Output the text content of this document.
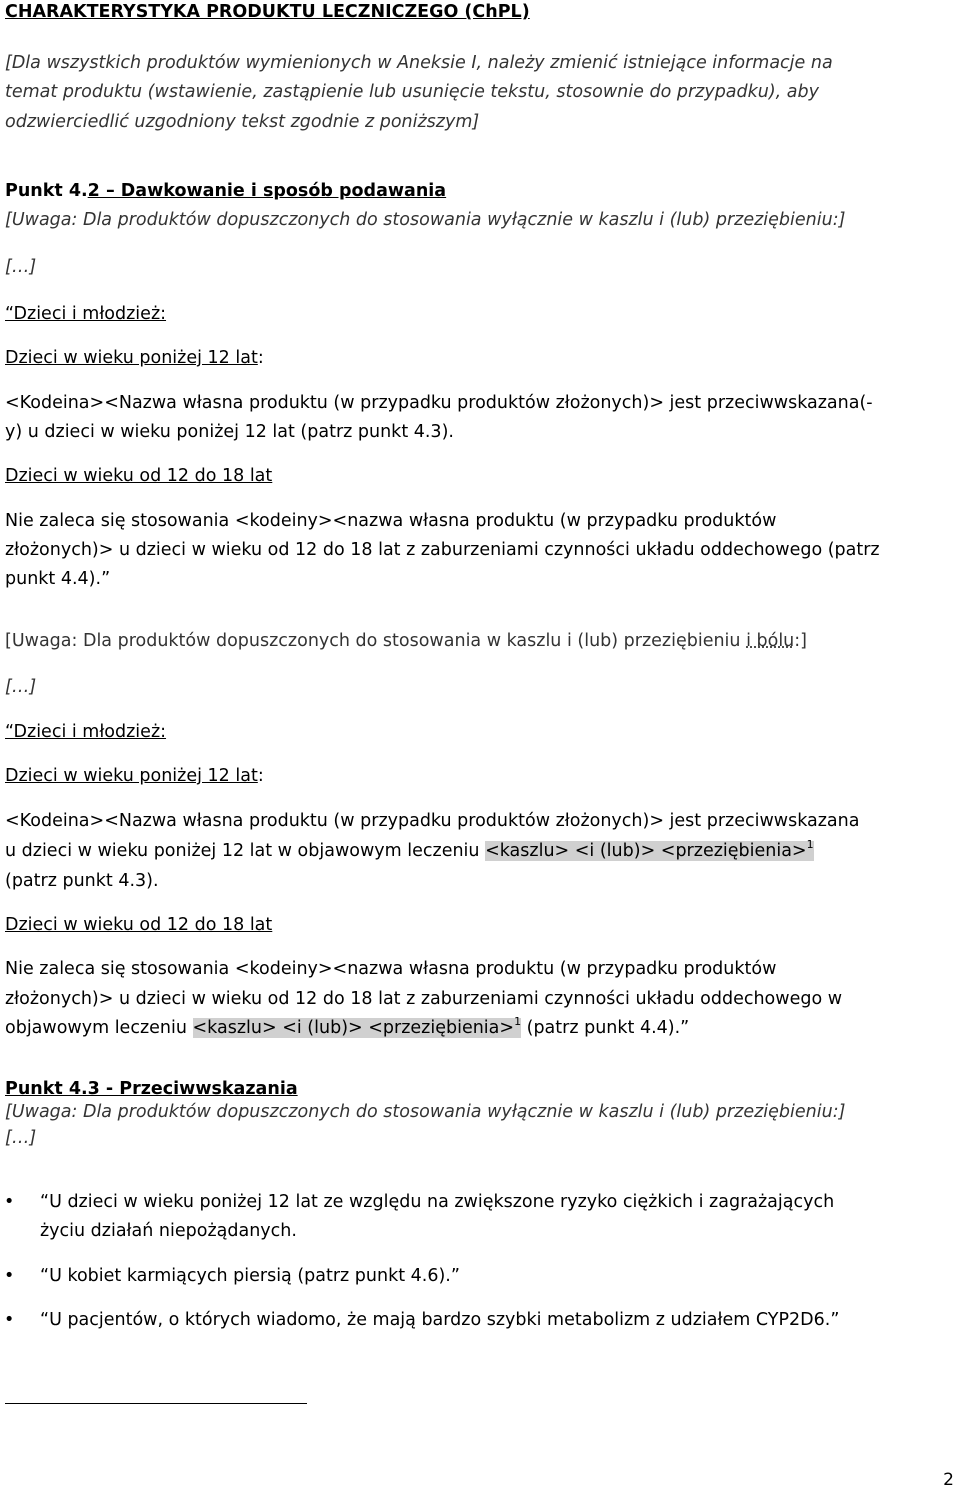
CHARAKTERYSTYKA PRODUKTU LECZNICZEGO (ChPL)

[Dla wszystkich produktów wymienionych w Aneksie I, należy zmienić istniejące informacje na

temat produktu (wstawienie, zastąpienie lub usunięcie tekstu, stosownie do przypadku), aby

odzwierciedlić uzgodniony tekst zgodnie z poniższym]

Punkt 4.2 – Dawkowanie i sposób podawania

[Uwaga: Dla produktów dopuszczonych do stosowania wyłącznie w kaszlu i (lub) przeziębieniu:]

[…]

“Dzieci i młodzież:

Dzieci w wieku poniżej 12 lat:

<Kodeina><Nazwa własna produktu (w przypadku produktów złożonych)> jest przeciwwskazana(-

y) u dzieci w wieku poniżej 12 lat (patrz punkt 4.3).

Dzieci w wieku od 12 do 18 lat

Nie zaleca się stosowania <kodeiny><nazwa własna produktu (w przypadku produktów

złożonych)> u dzieci w wieku od 12 do 18 lat z zaburzeniami czynności układu oddechowego (patrz

punkt 4.4).”

[Uwaga: Dla produktów dopuszczonych do stosowania w kaszlu i (lub) przeziębieniu i bólu:]

[…]

“Dzieci i młodzież:

Dzieci w wieku poniżej 12 lat:

<Kodeina><Nazwa własna produktu (w przypadku produktów złożonych)> jest przeciwwskazana

u dzieci w wieku poniżej 12 lat w objawowym leczeniu <kaszlu> <i (lub)> <przeziębienia>$^1$

(patrz punkt 4.3).

Dzieci w wieku od 12 do 18 lat

Nie zaleca się stosowania <kodeiny><nazwa własna produktu (w przypadku produktów

złożonych)> u dzieci w wieku od 12 do 18 lat z zaburzeniami czynności układu oddechowego w

objawowym leczeniu <kaszlu> <i (lub)> <przeziębienia>$^1$ (patrz punkt 4.4).”

Punkt 4.3 - Przeciwwskazania

[Uwaga: Dla produktów dopuszczonych do stosowania wyłącznie w kaszlu i (lub) przeziębieniu:]

[…]

•	“U dzieci w wieku poniżej 12 lat ze względu na zwiększone ryzyko ciężkich i zagrażających

życiu działań niepożądanych.

•	“U kobiet karmiących piersią (patrz punkt 4.6).”

•	“U pacjentów, o których wiadomo, że mają bardzo szybki metabolizm z udziałem CYP2D6.”

2
